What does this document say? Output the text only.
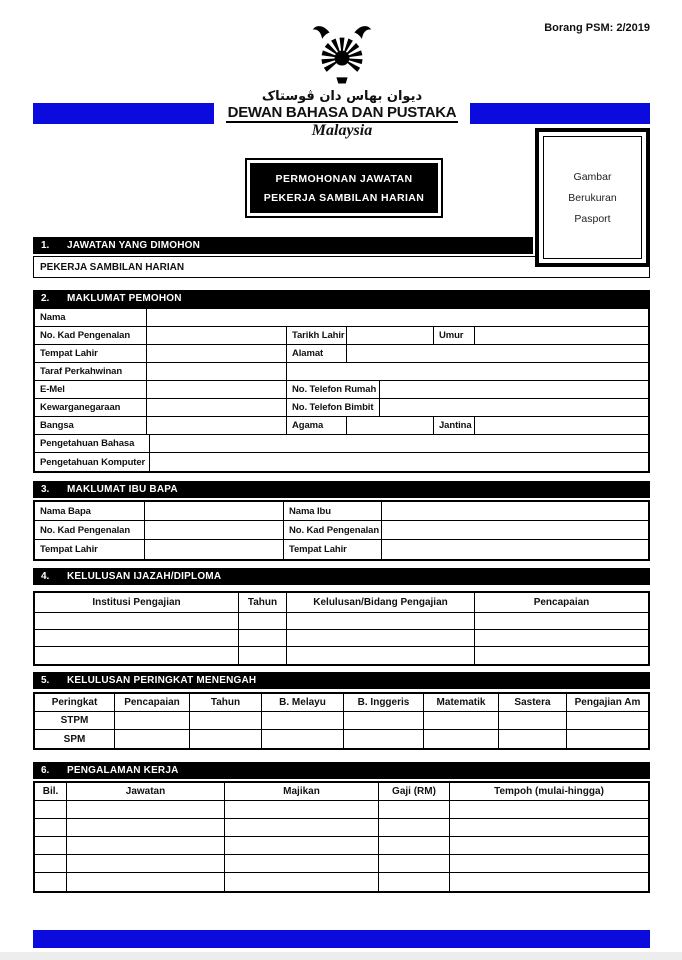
Borang PSM: 2/2019
ديوان بهاس دان ڤوستاک
DEWAN BAHASA DAN PUSTAKA
Malaysia
PERMOHONAN JAWATAN
PEKERJA SAMBILAN HARIAN
Gambar
Berukuran
Pasport
1.	JAWATAN YANG DIMOHON
PEKERJA SAMBILAN HARIAN
2.	MAKLUMAT PEMOHON
Nama
No. Kad Pengenalan	Tarikh Lahir	Umur
Tempat Lahir	Alamat
Taraf Perkahwinan
E-Mel	No. Telefon Rumah
Kewarganegaraan	No. Telefon Bimbit
Bangsa	Agama	Jantina
Pengetahuan Bahasa
Pengetahuan Komputer
3.	MAKLUMAT IBU BAPA
Nama Bapa	Nama Ibu
No. Kad Pengenalan	No. Kad Pengenalan
Tempat Lahir	Tempat Lahir
4.	KELULUSAN IJAZAH/DIPLOMA
Institusi Pengajian	Tahun	Kelulusan/Bidang Pengajian	Pencapaian
5.	KELULUSAN PERINGKAT MENENGAH
Peringkat	Pencapaian	Tahun	B. Melayu	B. Inggeris	Matematik	Sastera	Pengajian Am
STPM
SPM
6.	PENGALAMAN KERJA
Bil.	Jawatan	Majikan	Gaji (RM)	Tempoh (mulai-hingga)
